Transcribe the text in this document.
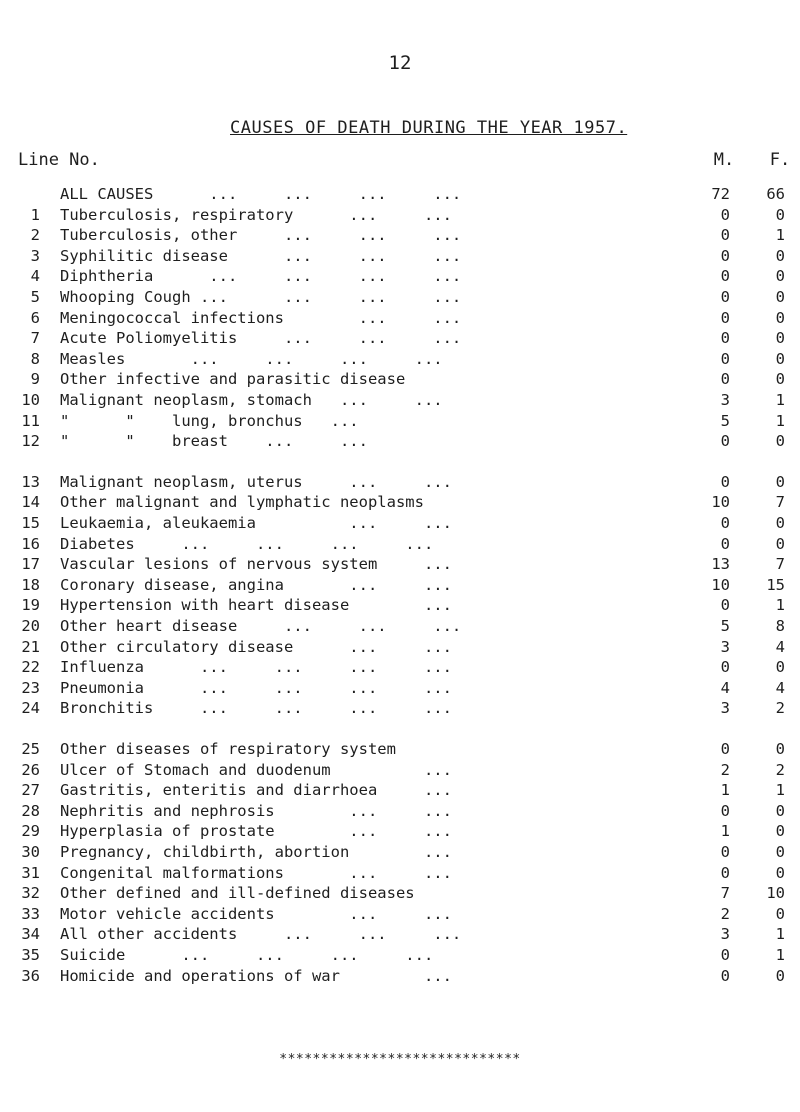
12
CAUSES OF DEATH DURING THE YEAR 1957.
Line No.	M.	F.
ALL CAUSES      ...     ...     ...     ...	72	66
1 Tuberculosis, respiratory      ...     ...	0	0
2 Tuberculosis, other     ...     ...     ...	0	1
3 Syphilitic disease      ...     ...     ...	0	0
4 Diphtheria      ...     ...     ...     ...	0	0
5 Whooping Cough ...      ...     ...     ...	0	0
6 Meningococcal infections        ...     ...	0	0
7 Acute Poliomyelitis     ...     ...     ...	0	0
8 Measles       ...     ...     ...     ...	0	0
9 Other infective and parasitic disease	0	0
10 Malignant neoplasm, stomach   ...     ...	3	1
11 "      "    lung, bronchus   ...	5	1
12 "      "    breast    ...     ...	0	0
13 Malignant neoplasm, uterus     ...     ...	0	0
14 Other malignant and lymphatic neoplasms	10	7
15 Leukaemia, aleukaemia          ...     ...	0	0
16 Diabetes     ...     ...     ...     ...	0	0
17 Vascular lesions of nervous system     ...	13	7
18 Coronary disease, angina       ...     ...	10	15
19 Hypertension with heart disease        ...	0	1
20 Other heart disease     ...     ...     ...	5	8
21 Other circulatory disease      ...     ...	3	4
22 Influenza      ...     ...     ...     ...	0	0
23 Pneumonia      ...     ...     ...     ...	4	4
24 Bronchitis     ...     ...     ...     ...	3	2
25 Other diseases of respiratory system	0	0
26 Ulcer of Stomach and duodenum          ...	2	2
27 Gastritis, enteritis and diarrhoea     ...	1	1
28 Nephritis and nephrosis        ...     ...	0	0
29 Hyperplasia of prostate        ...     ...	1	0
30 Pregnancy, childbirth, abortion        ...	0	0
31 Congenital malformations       ...     ...	0	0
32 Other defined and ill-defined diseases	7	10
33 Motor vehicle accidents        ...     ...	2	0
34 All other accidents     ...     ...     ...	3	1
35 Suicide      ...     ...     ...     ...	0	1
36 Homicide and operations of war         ...	0	0
*****************************
